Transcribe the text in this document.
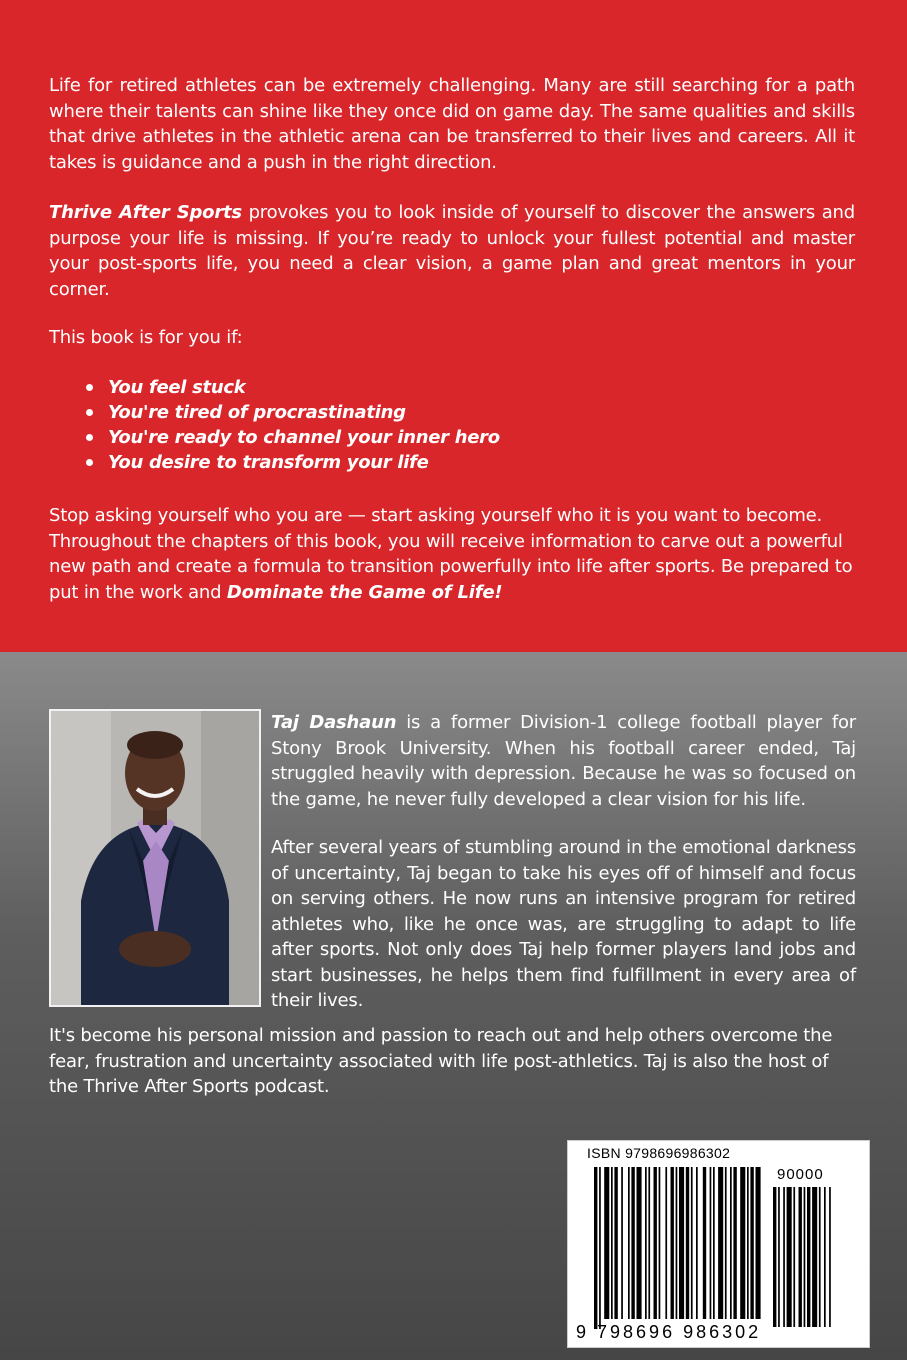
Life for retired athletes can be extremely challenging. Many are still searching for a path where their talents can shine like they once did on game day. The same qualities and skills that drive athletes in the athletic arena can be transferred to their lives and careers. All it takes is guidance and a push in the right direction.

Thrive After Sports provokes you to look inside of yourself to discover the answers and purpose your life is missing. If you’re ready to unlock your fullest potential and master your post-sports life, you need a clear vision, a game plan and great mentors in your corner.

This book is for you if:

You feel stuck
You're tired of procrastinating
You're ready to channel your inner hero
You desire to transform your life

Stop asking yourself who you are — start asking yourself who it is you want to become. Throughout the chapters of this book, you will receive information to carve out a powerful new path and create a formula to transition powerfully into life after sports. Be prepared to put in the work and Dominate the Game of Life!

Taj Dashaun is a former Division-1 college football player for Stony Brook University. When his football career ended, Taj struggled heavily with depression. Because he was so focused on the game, he never fully developed a clear vision for his life.

After several years of stumbling around in the emotional darkness of uncertainty, Taj began to take his eyes off of himself and focus on serving others. He now runs an intensive program for retired athletes who, like he once was, are struggling to adapt to life after sports. Not only does Taj help former players land jobs and start businesses, he helps them find fulfillment in every area of their lives.

It's become his personal mission and passion to reach out and help others overcome the fear, frustration and uncertainty associated with life post-athletics. Taj is also the host of the Thrive After Sports podcast.

ISBN 9798696986302
90000
9 798696 986302
